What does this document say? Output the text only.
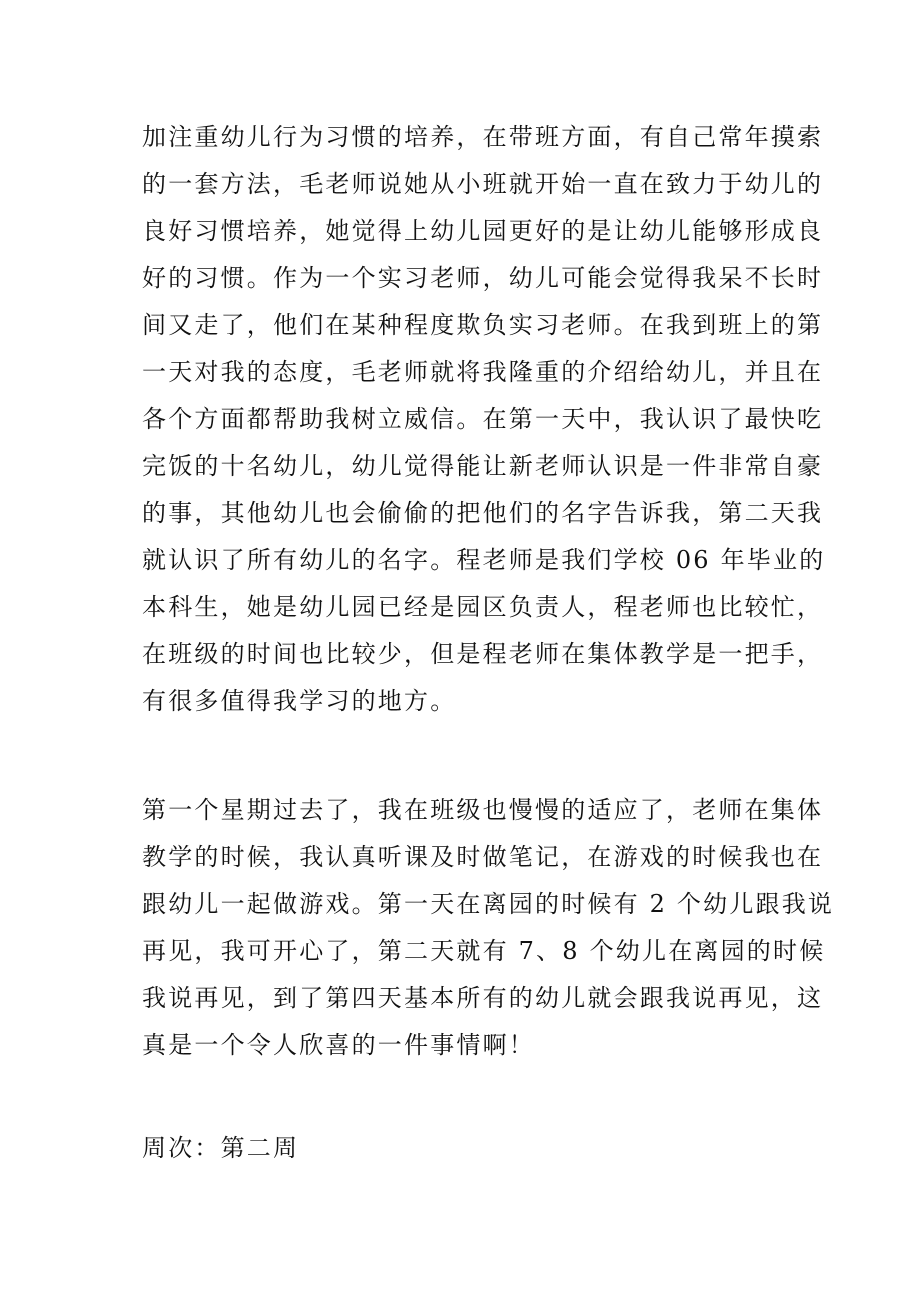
加注重幼儿行为习惯的培养，在带班方面，有自己常年摸索
的一套方法，毛老师说她从小班就开始一直在致力于幼儿的
良好习惯培养，她觉得上幼儿园更好的是让幼儿能够形成良
好的习惯。作为一个实习老师，幼儿可能会觉得我呆不长时
间又走了，他们在某种程度欺负实习老师。在我到班上的第
一天对我的态度，毛老师就将我隆重的介绍给幼儿，并且在
各个方面都帮助我树立威信。在第一天中，我认识了最快吃
完饭的十名幼儿，幼儿觉得能让新老师认识是一件非常自豪
的事，其他幼儿也会偷偷的把他们的名字告诉我，第二天我
就认识了所有幼儿的名字。程老师是我们学校 06 年毕业的
本科生，她是幼儿园已经是园区负责人，程老师也比较忙，
在班级的时间也比较少，但是程老师在集体教学是一把手，
有很多值得我学习的地方。
第一个星期过去了，我在班级也慢慢的适应了，老师在集体
教学的时候，我认真听课及时做笔记，在游戏的时候我也在
跟幼儿一起做游戏。第一天在离园的时候有 2 个幼儿跟我说
再见，我可开心了，第二天就有 7、8 个幼儿在离园的时候
我说再见，到了第四天基本所有的幼儿就会跟我说再见，这
真是一个令人欣喜的一件事情啊！
周次：第二周
